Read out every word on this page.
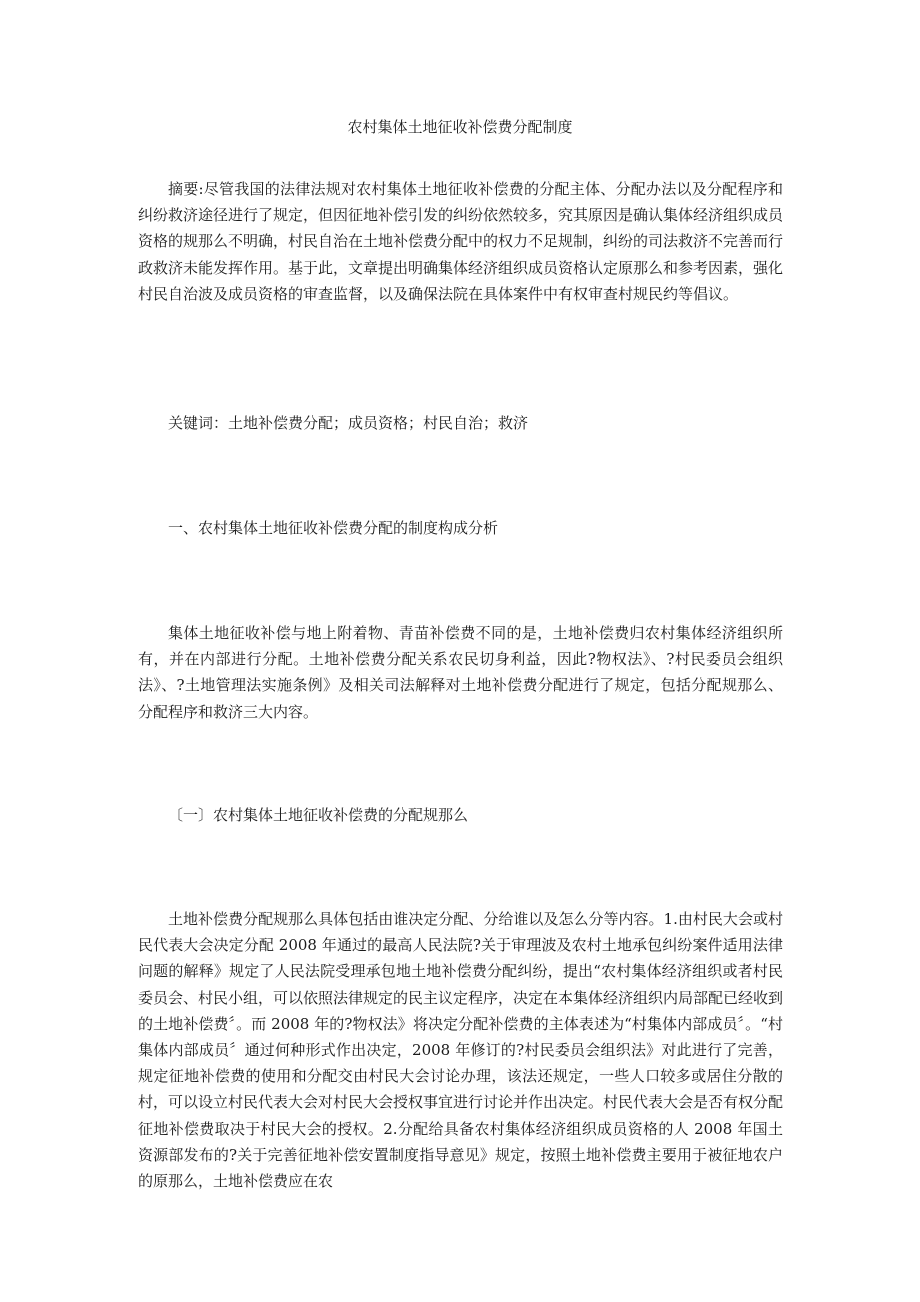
农村集体土地征收补偿费分配制度

摘要:尽管我国的法律法规对农村集体土地征收补偿费的分配主体、分配办法以及分配程序和纠纷救济途径进行了规定，但因征地补偿引发的纠纷依然较多，究其原因是确认集体经济组织成员资格的规那么不明确，村民自治在土地补偿费分配中的权力不足规制，纠纷的司法救济不完善而行政救济未能发挥作用。基于此，文章提出明确集体经济组织成员资格认定原那么和参考因素，强化村民自治波及成员资格的审查监督，以及确保法院在具体案件中有权审查村规民约等倡议。

关键词：土地补偿费分配；成员资格；村民自治；救济

一、农村集体土地征收补偿费分配的制度构成分析

集体土地征收补偿与地上附着物、青苗补偿费不同的是，土地补偿费归农村集体经济组织所有，并在内部进行分配。土地补偿费分配关系农民切身利益，因此?物权法》、?村民委员会组织法》、?土地管理法实施条例》及相关司法解释对土地补偿费分配进行了规定，包括分配规那么、分配程序和救济三大内容。

〔一〕农村集体土地征收补偿费的分配规那么

土地补偿费分配规那么具体包括由谁决定分配、分给谁以及怎么分等内容。1.由村民大会或村民代表大会决定分配 2008 年通过的最高人民法院?关于审理波及农村土地承包纠纷案件适用法律问题的解释》规定了人民法院受理承包地土地补偿费分配纠纷，提出“农村集体经济组织或者村民委员会、村民小组，可以依照法律规定的民主议定程序，决定在本集体经济组织内局部配已经收到的土地补偿费〞。而 2008 年的?物权法》将决定分配补偿费的主体表述为“村集体内部成员〞。“村集体内部成员〞通过何种形式作出决定，2008 年修订的?村民委员会组织法》对此进行了完善，规定征地补偿费的使用和分配交由村民大会讨论办理，该法还规定，一些人口较多或居住分散的村，可以设立村民代表大会对村民大会授权事宜进行讨论并作出决定。村民代表大会是否有权分配征地补偿费取决于村民大会的授权。2.分配给具备农村集体经济组织成员资格的人 2008 年国土资源部发布的?关于完善征地补偿安置制度指导意见》规定，按照土地补偿费主要用于被征地农户的原那么，土地补偿费应在农
